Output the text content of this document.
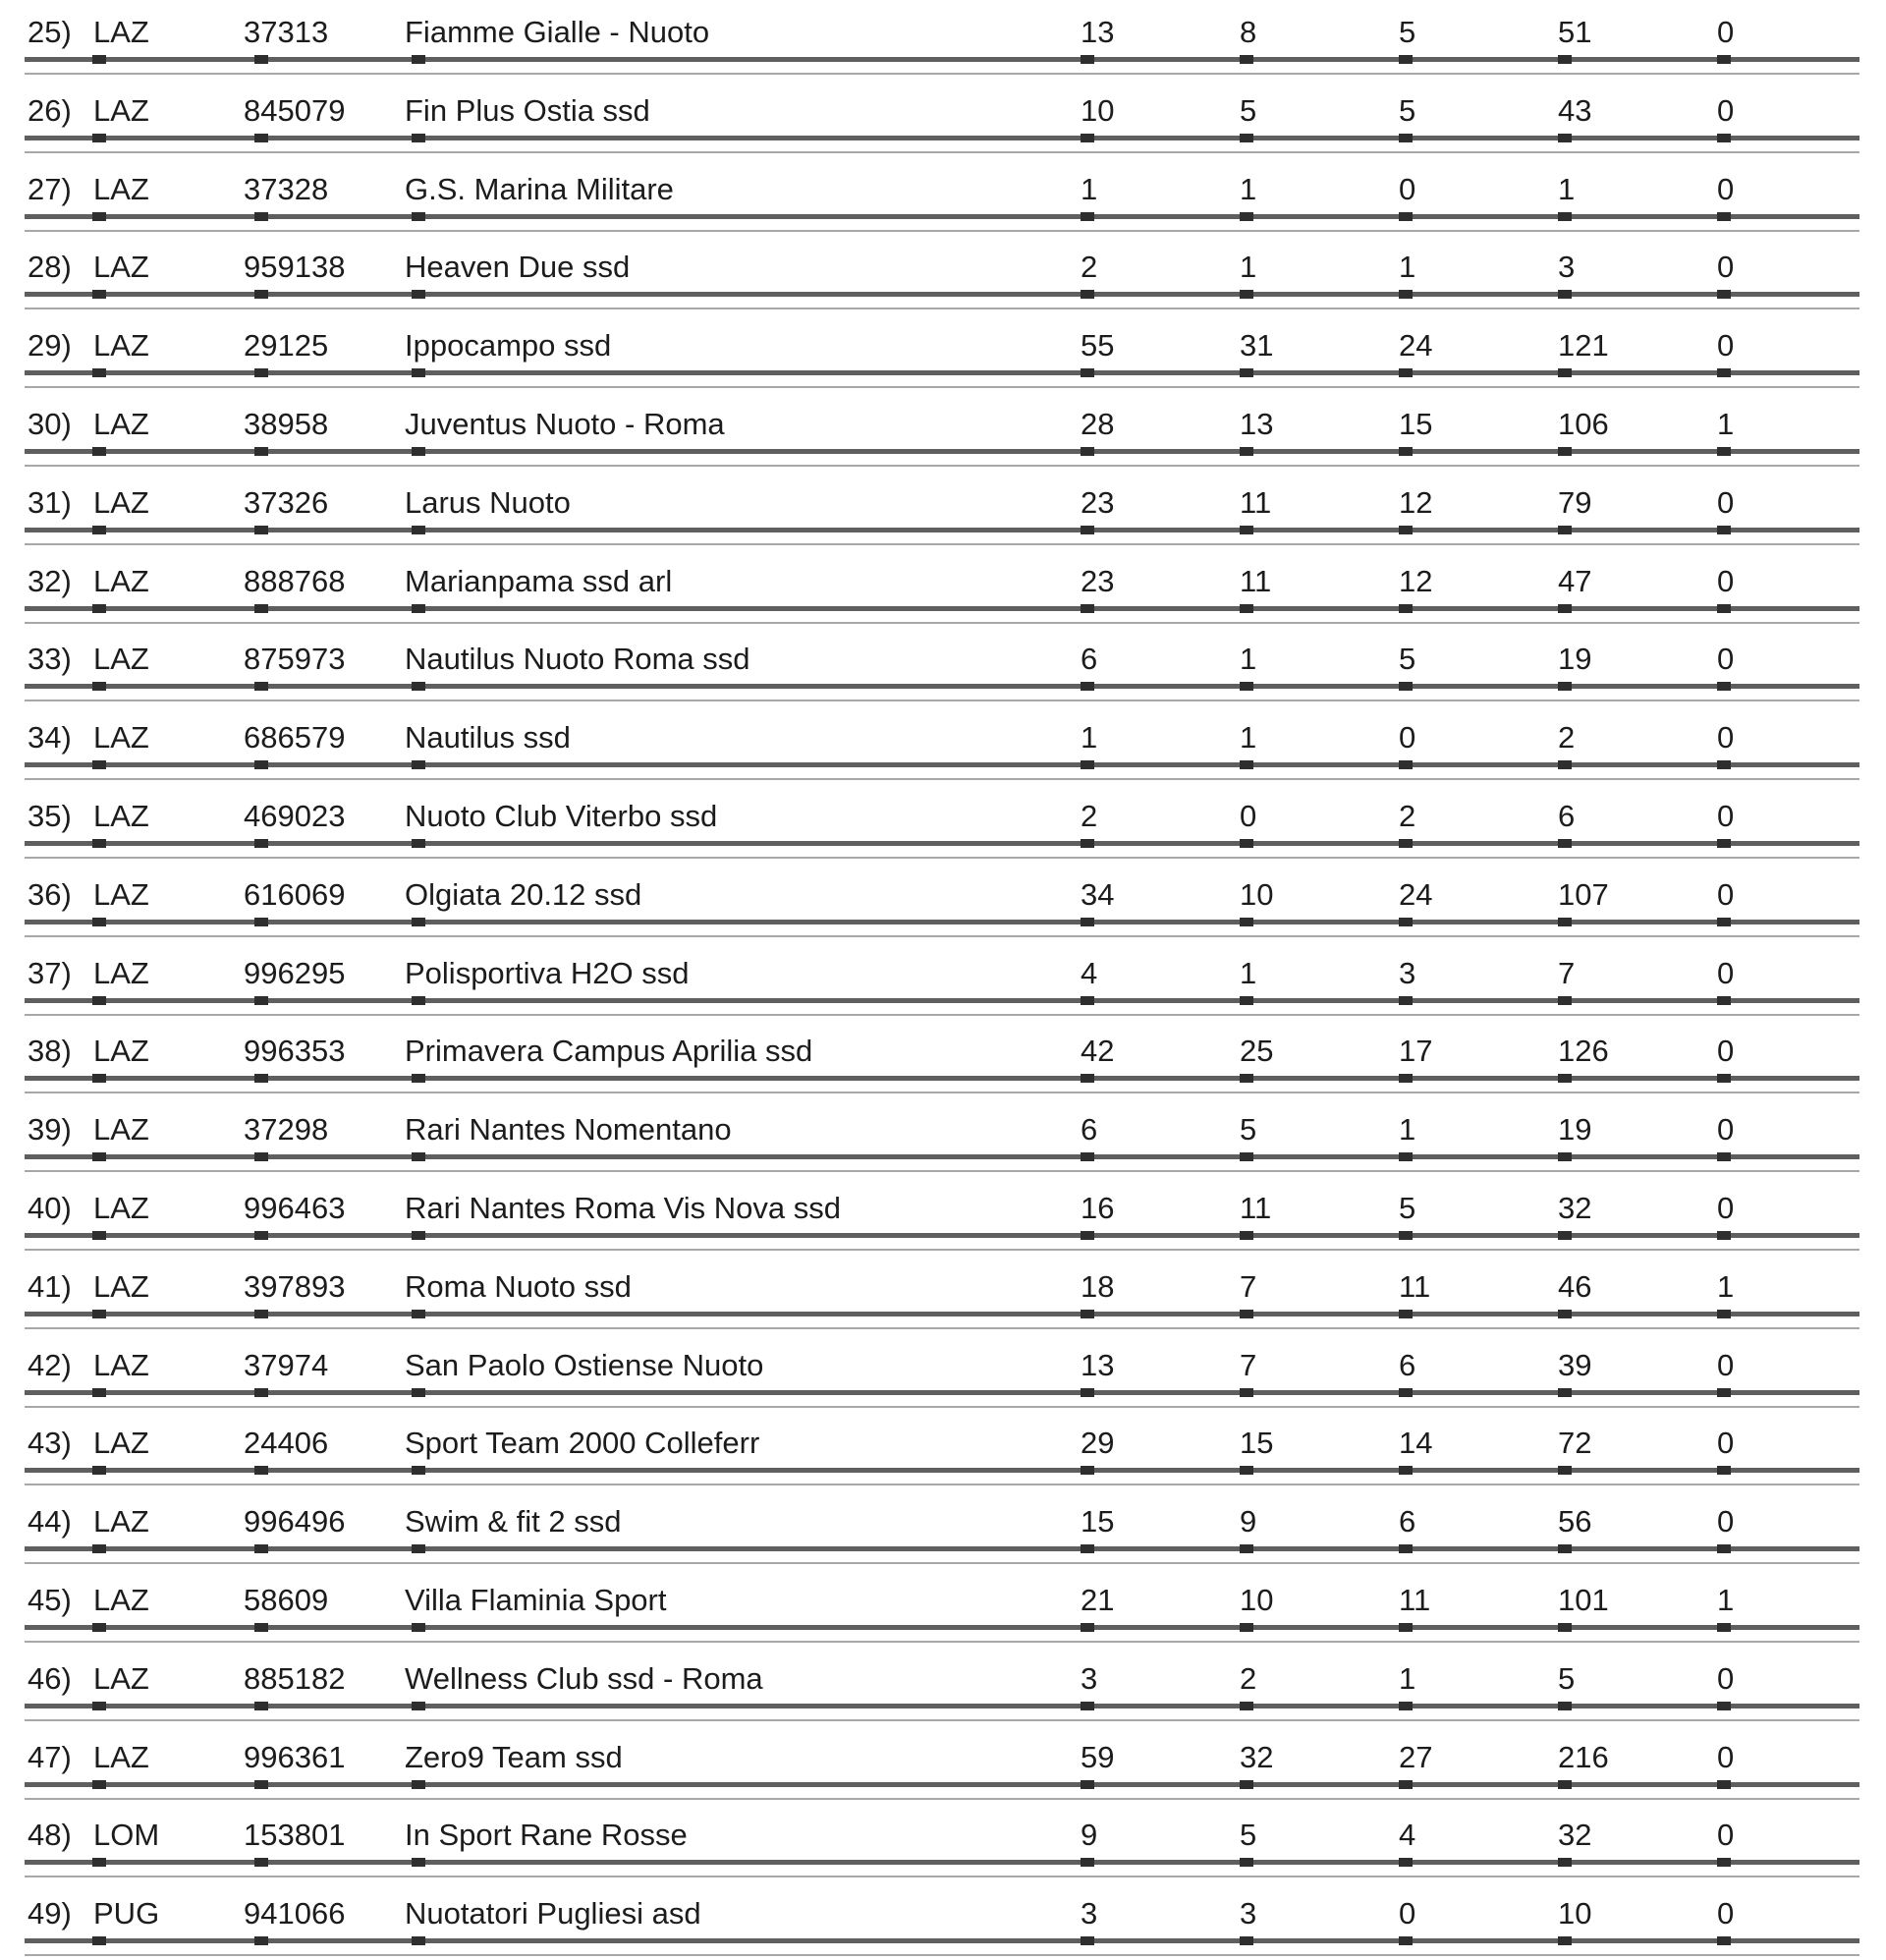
25) LAZ	37313	Fiamme Gialle - Nuoto	13	8	5	51	0
26) LAZ	845079 Fin Plus Ostia ssd	10	5	5	43	0
27) LAZ	37328	G.S. Marina Militare	1	1	0	1	0
28) LAZ	959138 Heaven Due ssd	2	1	1	3	0
29) LAZ	29125	Ippocampo ssd	55	31	24	121	0
30) LAZ	38958	Juventus Nuoto - Roma	28	13	15	106	1
31) LAZ	37326	Larus Nuoto	23	11	12	79	0
32) LAZ	888768 Marianpama ssd arl	23	11	12	47	0
33) LAZ	875973 Nautilus Nuoto Roma ssd	6	1	5	19	0
34) LAZ	686579 Nautilus ssd	1	1	0	2	0
35) LAZ	469023 Nuoto Club Viterbo ssd	2	0	2	6	0
36) LAZ	616069 Olgiata 20.12 ssd	34	10	24	107	0
37) LAZ	996295 Polisportiva H2O ssd	4	1	3	7	0
38) LAZ	996353 Primavera Campus Aprilia ssd	42	25	17	126	0
39) LAZ	37298	Rari Nantes Nomentano	6	5	1	19	0
40) LAZ	996463 Rari Nantes Roma Vis Nova ssd	16	11	5	32	0
41) LAZ	397893 Roma Nuoto ssd	18	7	11	46	1
42) LAZ	37974	San Paolo Ostiense Nuoto	13	7	6	39	0
43) LAZ	24406	Sport Team 2000 Colleferr	29	15	14	72	0
44) LAZ	996496 Swim & fit 2 ssd	15	9	6	56	0
45) LAZ	58609	Villa Flaminia Sport	21	10	11	101	1
46) LAZ	885182 Wellness Club ssd - Roma	3	2	1	5	0
47) LAZ	996361 Zero9 Team ssd	59	32	27	216	0
48) LOM	153801 In Sport Rane Rosse	9	5	4	32	0
49) PUG	941066 Nuotatori Pugliesi asd	3	3	0	10	0
